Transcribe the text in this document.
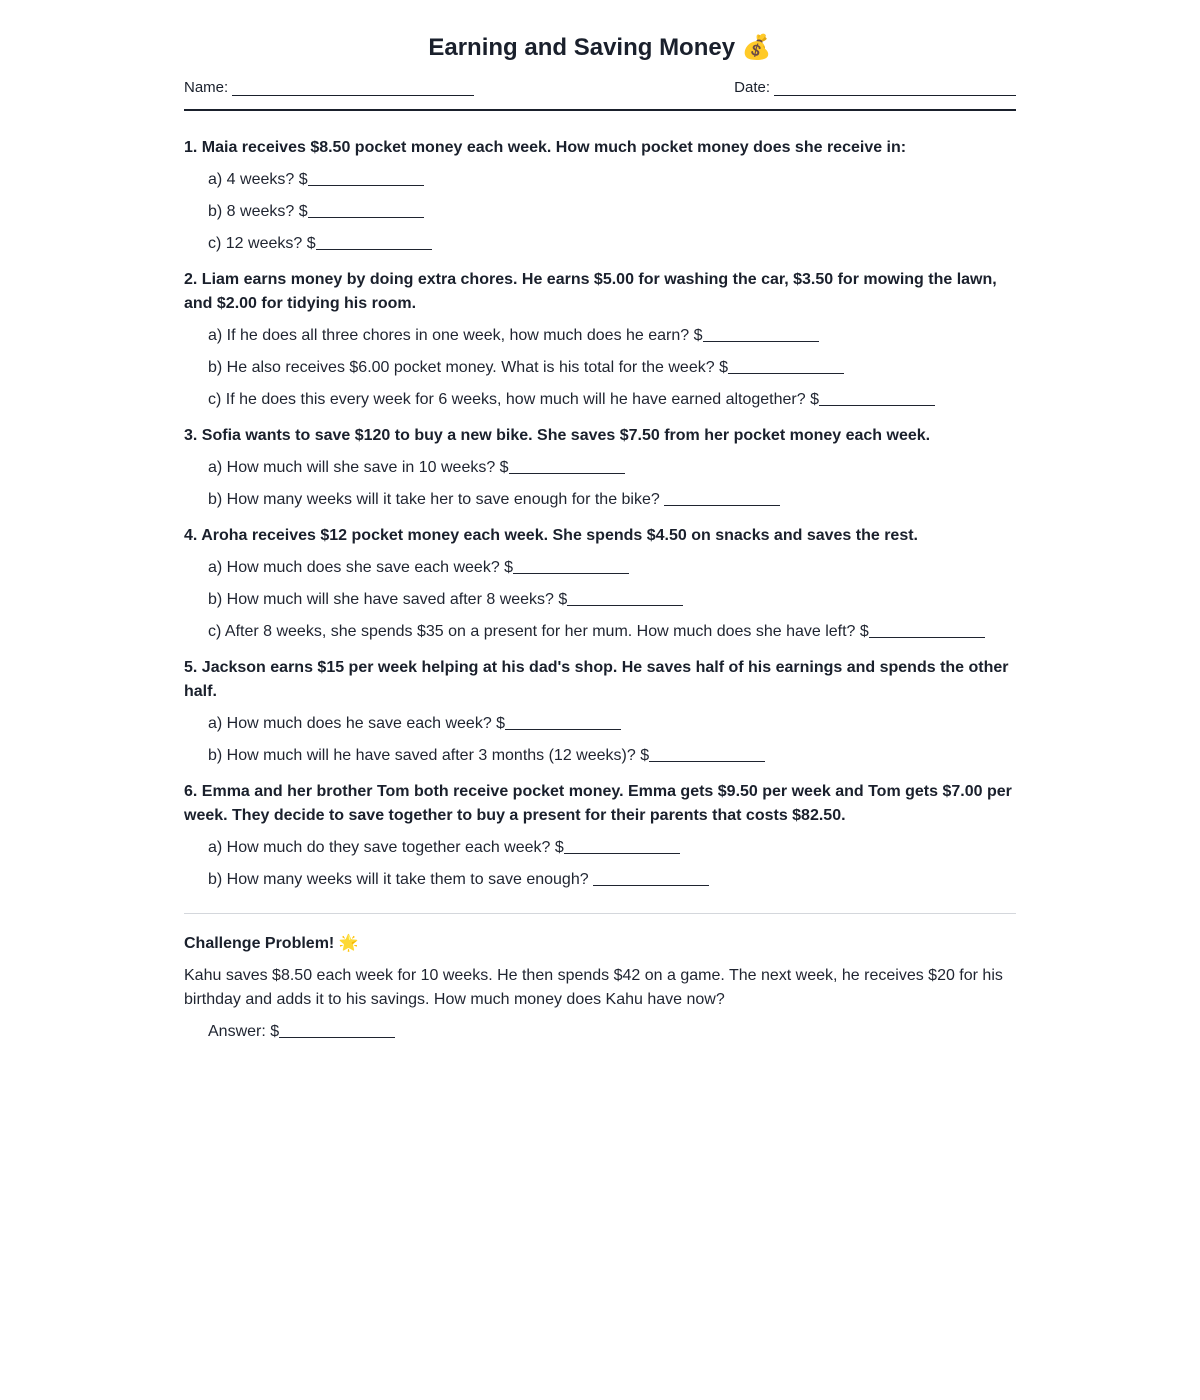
Earning and Saving Money 💰
Name:	Date:
1. Maia receives $8.50 pocket money each week. How much pocket money does she receive in:
a) 4 weeks? $
b) 8 weeks? $
c) 12 weeks? $
2. Liam earns money by doing extra chores. He earns $5.00 for washing the car, $3.50 for mowing the lawn, and $2.00 for tidying his room.
a) If he does all three chores in one week, how much does he earn? $
b) He also receives $6.00 pocket money. What is his total for the week? $
c) If he does this every week for 6 weeks, how much will he have earned altogether? $
3. Sofia wants to save $120 to buy a new bike. She saves $7.50 from her pocket money each week.
a) How much will she save in 10 weeks? $
b) How many weeks will it take her to save enough for the bike?
4. Aroha receives $12 pocket money each week. She spends $4.50 on snacks and saves the rest.
a) How much does she save each week? $
b) How much will she have saved after 8 weeks? $
c) After 8 weeks, she spends $35 on a present for her mum. How much does she have left? $
5. Jackson earns $15 per week helping at his dad's shop. He saves half of his earnings and spends the other half.
a) How much does he save each week? $
b) How much will he have saved after 3 months (12 weeks)? $
6. Emma and her brother Tom both receive pocket money. Emma gets $9.50 per week and Tom gets $7.00 per week. They decide to save together to buy a present for their parents that costs $82.50.
a) How much do they save together each week? $
b) How many weeks will it take them to save enough?
Challenge Problem! 🌟
Kahu saves $8.50 each week for 10 weeks. He then spends $42 on a game. The next week, he receives $20 for his birthday and adds it to his savings. How much money does Kahu have now?
Answer: $
